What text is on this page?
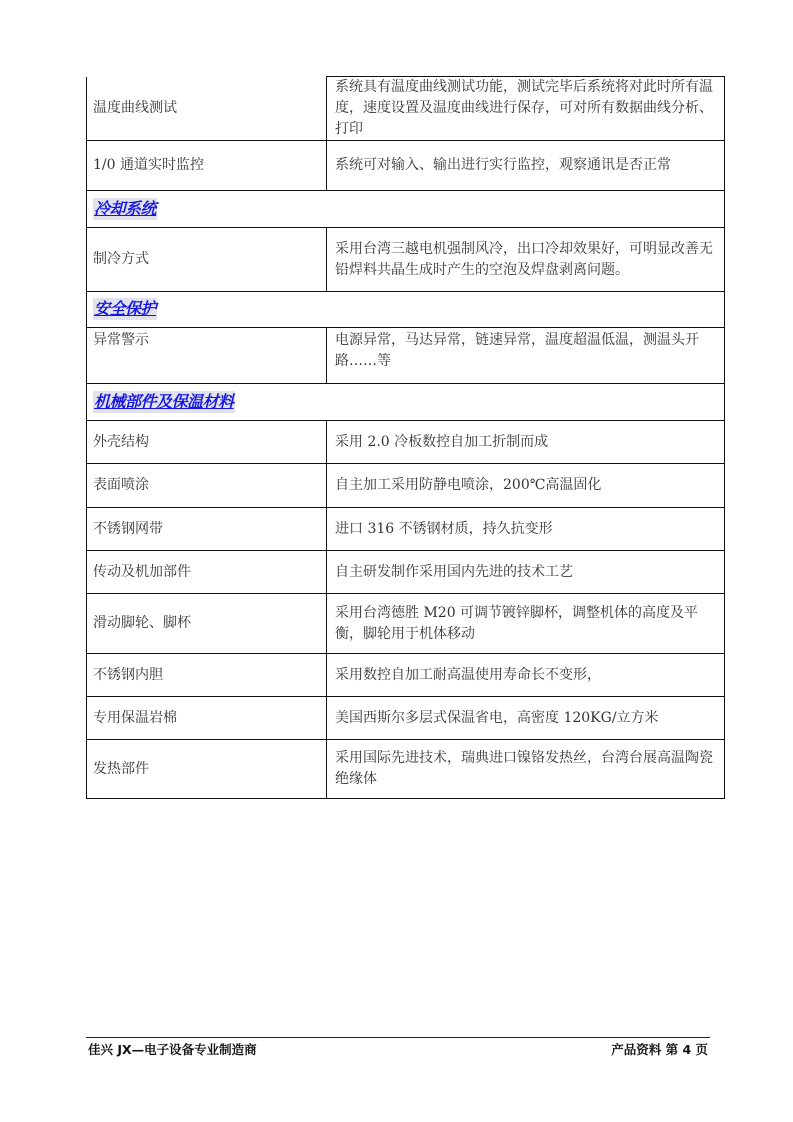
温度曲线测试	系统具有温度曲线测试功能，测试完毕后系统将对此时所有温度，速度设置及温度曲线进行保存，可对所有数据曲线分析、打印
1/0 通道实时监控	系统可对输入、输出进行实行监控，观察通讯是否正常
冷却系统	
制冷方式	采用台湾三越电机强制风冷，出口冷却效果好，可明显改善无铅焊料共晶生成时产生的空泡及焊盘剥离问题。
安全保护	
异常警示	电源异常，马达异常，链速异常，温度超温低温，测温头开路……等
机械部件及保温材料	
外壳结构	采用 2.0 冷板数控自加工折制而成
表面喷涂	自主加工采用防静电喷涂，200℃高温固化
不锈钢网带	进口 316 不锈钢材质，持久抗变形
传动及机加部件	自主研发制作采用国内先进的技术工艺
滑动脚轮、脚杯	采用台湾德胜 M20 可调节镀锌脚杯，调整机体的高度及平衡，脚轮用于机体移动
不锈钢内胆	采用数控自加工耐高温使用寿命长不变形，
专用保温岩棉	美国西斯尔多层式保温省电，高密度 120KG/立方米
发热部件	采用国际先进技术，瑞典进口镍铬发热丝，台湾台展高温陶瓷绝缘体
佳兴 JX—电子设备专业制造商	产品资料 第 4 页
